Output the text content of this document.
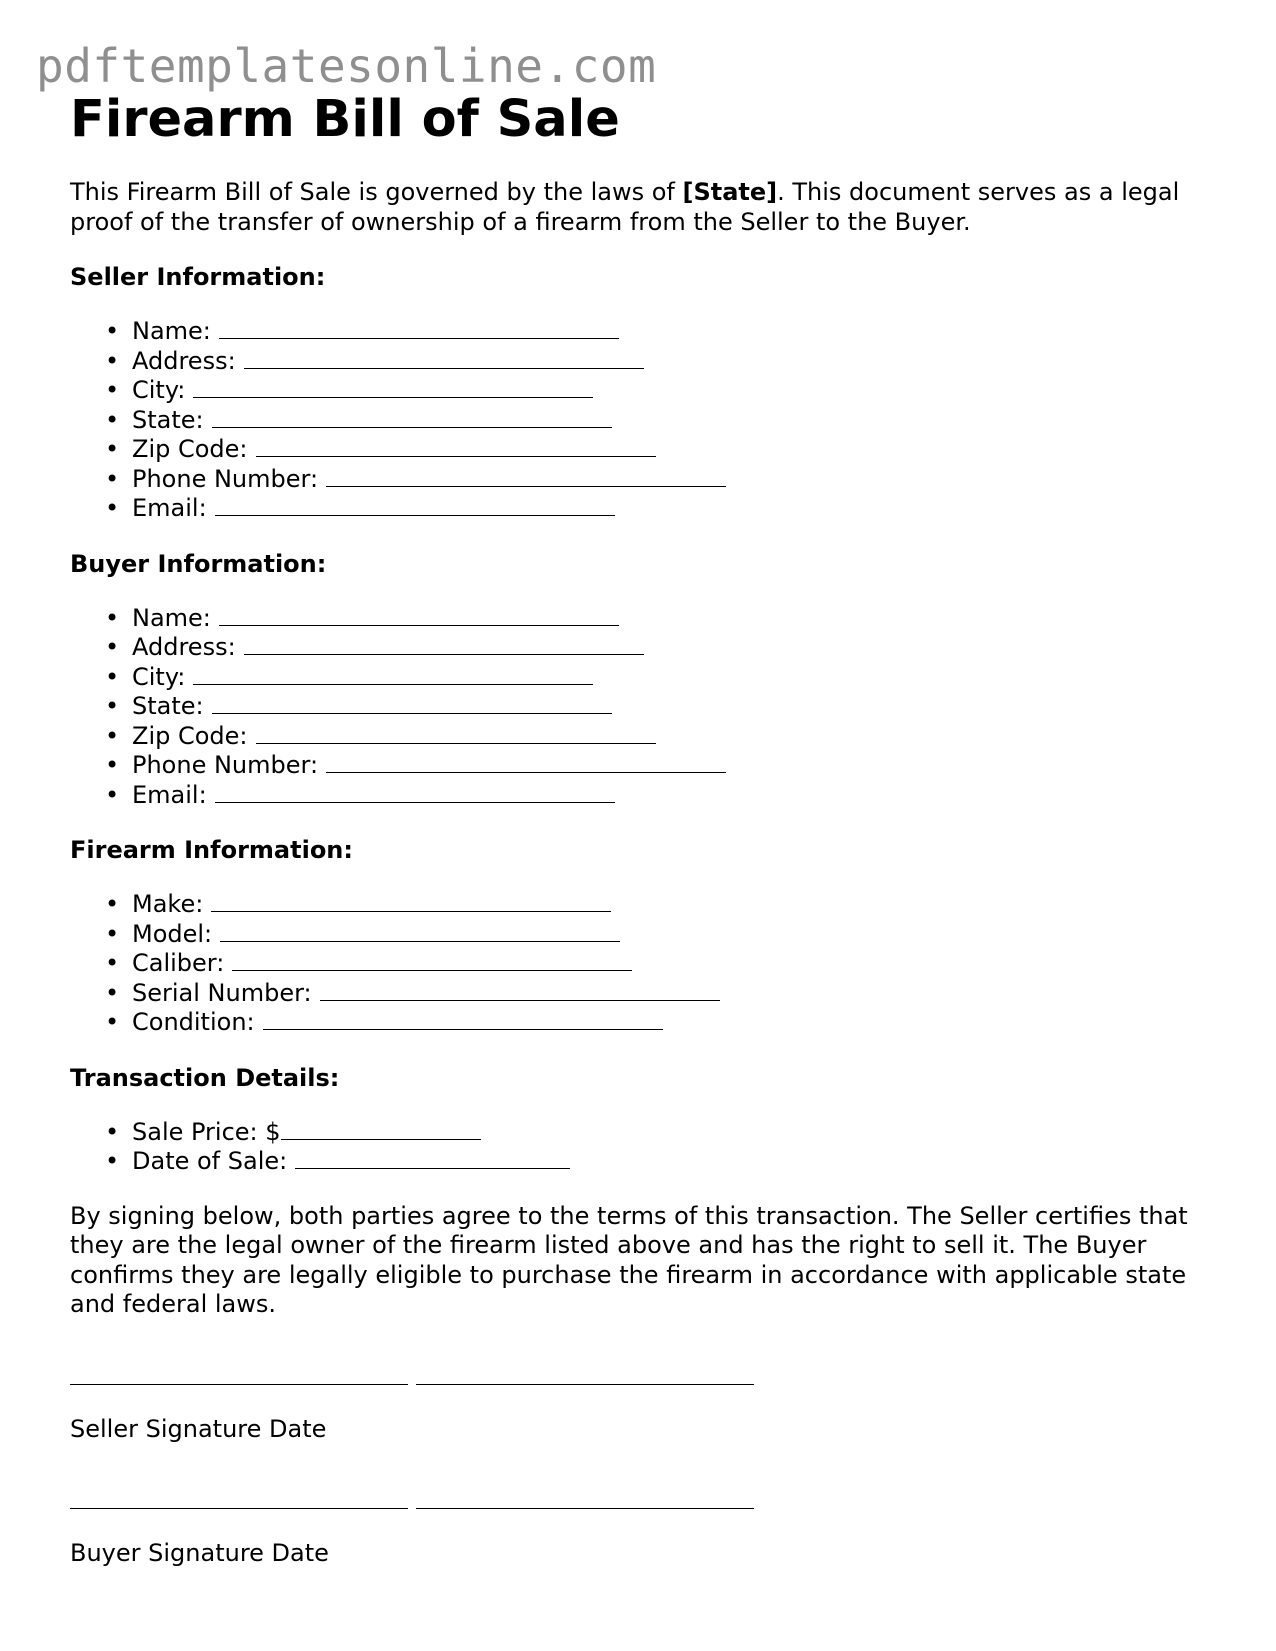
pdftemplatesonline.com
Firearm Bill of Sale

This Firearm Bill of Sale is governed by the laws of [State]. This document serves as a legal proof of the transfer of ownership of a firearm from the Seller to the Buyer.

Seller Information:
• Name:
• Address:
• City:
• State:
• Zip Code:
• Phone Number:
• Email:
Buyer Information:
• Name:
• Address:
• City:
• State:
• Zip Code:
• Phone Number:
• Email:
Firearm Information:
• Make:
• Model:
• Caliber:
• Serial Number:
• Condition:
Transaction Details:
• Sale Price: $
• Date of Sale:

By signing below, both parties agree to the terms of this transaction. The Seller certifies that they are the legal owner of the firearm listed above and has the right to sell it. The Buyer confirms they are legally eligible to purchase the firearm in accordance with applicable state and federal laws.

Seller Signature Date
Buyer Signature Date
